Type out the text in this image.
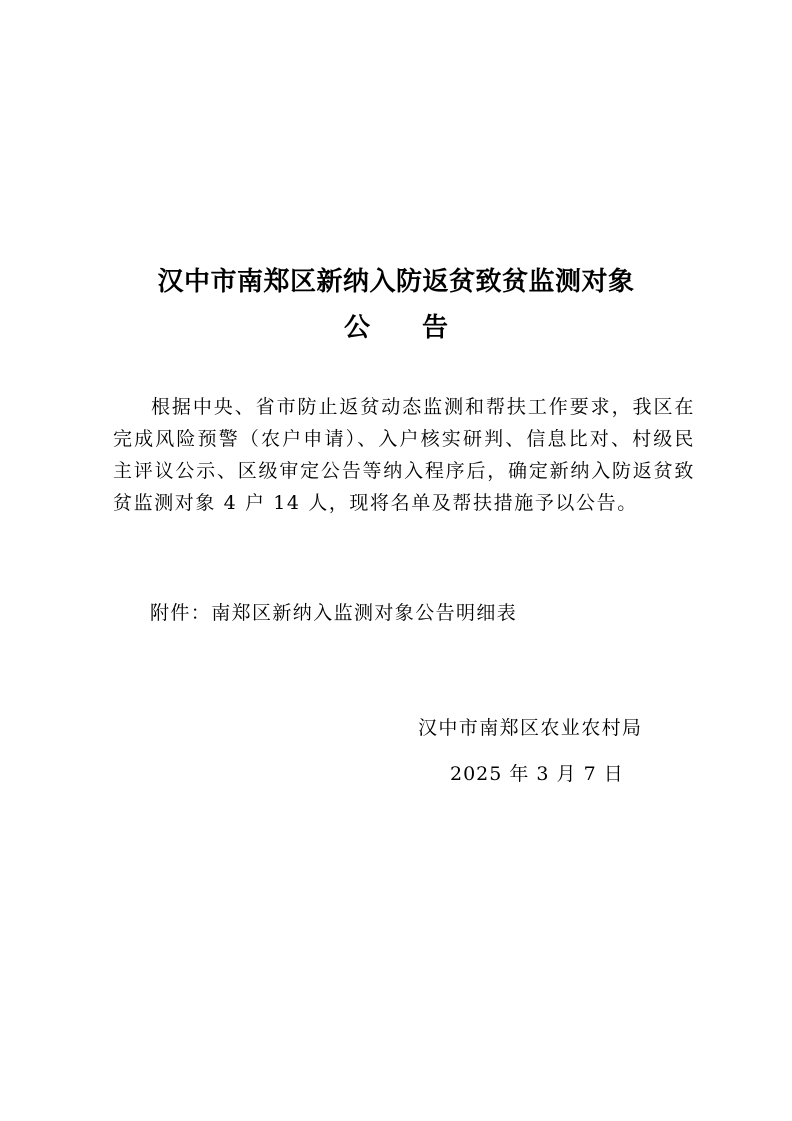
汉中市南郑区新纳入防返贫致贫监测对象
公 告
根据中央、省市防止返贫动态监测和帮扶工作要求，我区在完成风险预警（农户申请）、入户核实研判、信息比对、村级民主评议公示、区级审定公告等纳入程序后，确定新纳入防返贫致贫监测对象 4 户 14 人，现将名单及帮扶措施予以公告。
附件：南郑区新纳入监测对象公告明细表
汉中市南郑区农业农村局
2025 年 3 月 7 日
